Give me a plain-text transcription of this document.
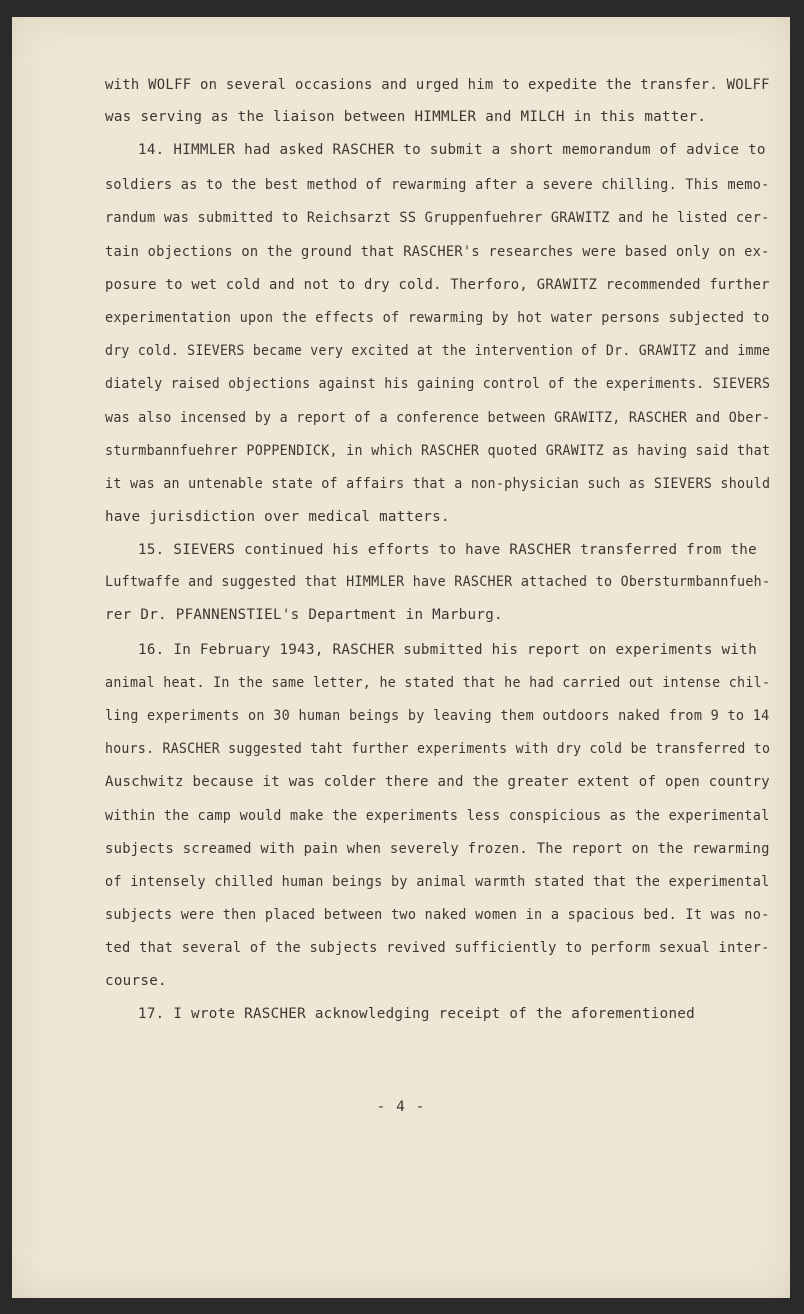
with WOLFF on several occasions and urged him to expedite the transfer. WOLFF
was serving as the liaison between HIMMLER and MILCH in this matter.
14. HIMMLER had asked RASCHER to submit a short memorandum of advice to
soldiers as to the best method of rewarming after a severe chilling. This memo-
randum was submitted to Reichsarzt SS Gruppenfuehrer GRAWITZ and he listed cer-
tain objections on the ground that RASCHER's researches were based only on ex-
posure to wet cold and not to dry cold. Therforo, GRAWITZ recommended further
experimentation upon the effects of rewarming by hot water persons subjected to
dry cold. SIEVERS became very excited at the intervention of Dr. GRAWITZ and imme
diately raised objections against his gaining control of the experiments. SIEVERS
was also incensed by a report of a conference between GRAWITZ, RASCHER and Ober-
sturmbannfuehrer POPPENDICK, in which RASCHER quoted GRAWITZ as having said that
it was an untenable state of affairs that a non-physician such as SIEVERS should
have jurisdiction over medical matters.
15. SIEVERS continued his efforts to have RASCHER transferred from the
Luftwaffe and suggested that HIMMLER have RASCHER attached to Obersturmbannfueh-
rer Dr. PFANNENSTIEL's Department in Marburg.
16. In February 1943, RASCHER submitted his report on experiments with
animal heat. In the same letter, he stated that he had carried out intense chil-
ling experiments on 30 human beings by leaving them outdoors naked from 9 to 14
hours. RASCHER suggested taht further experiments with dry cold be transferred to
Auschwitz because it was colder there and the greater extent of open country
within the camp would make the experiments less conspicious as the experimental
subjects screamed with pain when severely frozen. The report on the rewarming
of intensely chilled human beings by animal warmth stated that the experimental
subjects were then placed between two naked women in a spacious bed. It was no-
ted that several of the subjects revived sufficiently to perform sexual inter-
course.
17. I wrote RASCHER acknowledging receipt of the aforementioned
- 4 -
